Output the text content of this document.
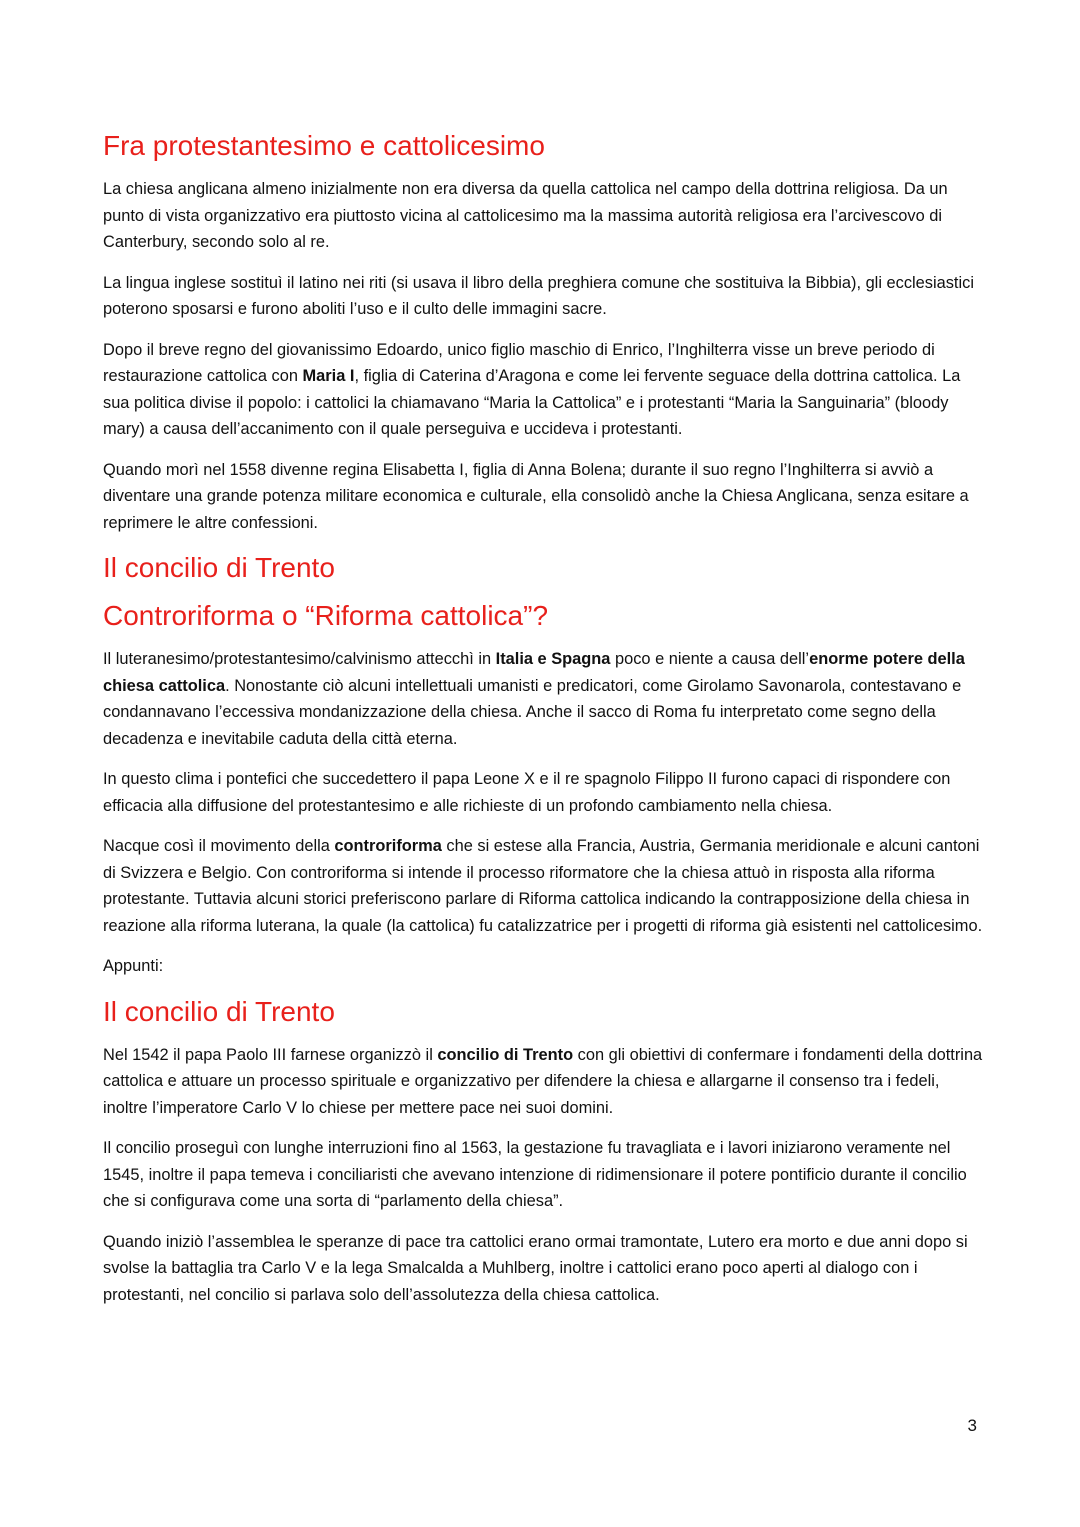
Fra protestantesimo e cattolicesimo

La chiesa anglicana almeno inizialmente non era diversa da quella cattolica nel campo della dottrina religiosa. Da un punto di vista organizzativo era piuttosto vicina al cattolicesimo ma la massima autorità religiosa era l’arcivescovo di Canterbury, secondo solo al re.

La lingua inglese sostituì il latino nei riti (si usava il libro della preghiera comune che sostituiva la Bibbia), gli ecclesiastici poterono sposarsi e furono aboliti l’uso e il culto delle immagini sacre.

Dopo il breve regno del giovanissimo Edoardo, unico figlio maschio di Enrico, l’Inghilterra visse un breve periodo di restaurazione cattolica con Maria I, figlia di Caterina d’Aragona e come lei fervente seguace della dottrina cattolica. La sua politica divise il popolo: i cattolici la chiamavano “Maria la Cattolica” e i protestanti “Maria la Sanguinaria” (bloody mary) a causa dell’accanimento con il quale perseguiva e uccideva i protestanti.

Quando morì nel 1558 divenne regina Elisabetta I, figlia di Anna Bolena; durante il suo regno l’Inghilterra si avviò a diventare una grande potenza militare economica e culturale, ella consolidò anche la Chiesa Anglicana, senza esitare a reprimere le altre confessioni.

Il concilio di Trento
Controriforma o “Riforma cattolica”?

Il luteranesimo/protestantesimo/calvinismo attecchì in Italia e Spagna poco e niente a causa dell’enorme potere della chiesa cattolica. Nonostante ciò alcuni intellettuali umanisti e predicatori, come Girolamo Savonarola, contestavano e condannavano l’eccessiva mondanizzazione della chiesa. Anche il sacco di Roma fu interpretato come segno della decadenza e inevitabile caduta della città eterna.

In questo clima i pontefici che succedettero il papa Leone X e il re spagnolo Filippo II furono capaci di rispondere con efficacia alla diffusione del protestantesimo e alle richieste di un profondo cambiamento nella chiesa.

Nacque così il movimento della controriforma che si estese alla Francia, Austria, Germania meridionale e alcuni cantoni di Svizzera e Belgio. Con controriforma si intende il processo riformatore che la chiesa attuò in risposta alla riforma protestante. Tuttavia alcuni storici preferiscono parlare di Riforma cattolica indicando la contrapposizione della chiesa in reazione alla riforma luterana, la quale (la cattolica) fu catalizzatrice per i progetti di riforma già esistenti nel cattolicesimo.

Appunti:

Il concilio di Trento

Nel 1542 il papa Paolo III farnese organizzò il concilio di Trento con gli obiettivi di confermare i fondamenti della dottrina cattolica e attuare un processo spirituale e organizzativo per difendere la chiesa e allargarne il consenso tra i fedeli, inoltre l’imperatore Carlo V lo chiese per mettere pace nei suoi domini.

Il concilio proseguì con lunghe interruzioni fino al 1563, la gestazione fu travagliata e i lavori iniziarono veramente nel 1545, inoltre il papa temeva i conciliaristi che avevano intenzione di ridimensionare il potere pontificio durante il concilio che si configurava come una sorta di “parlamento della chiesa”.

Quando iniziò l’assemblea le speranze di pace tra cattolici erano ormai tramontate, Lutero era morto e due anni dopo si svolse la battaglia tra Carlo V e la lega Smalcalda a Muhlberg, inoltre i cattolici erano poco aperti al dialogo con i protestanti, nel concilio si parlava solo dell’assolutezza della chiesa cattolica.

3
